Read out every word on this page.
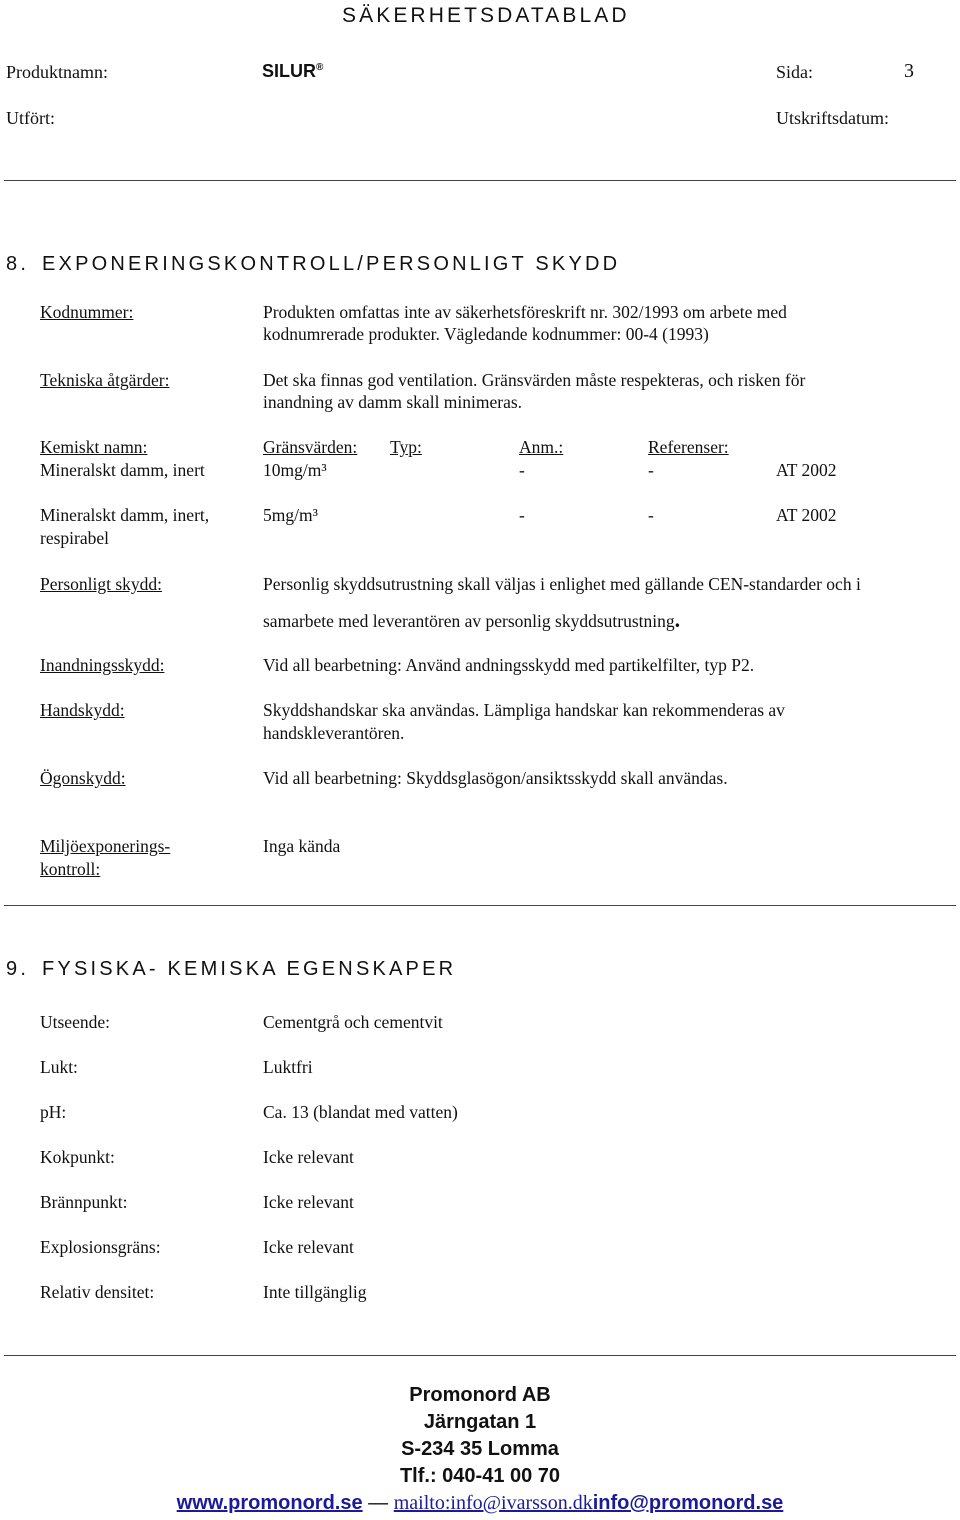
SÄKERHETSDATABLAD
Produktnamn:	SILUR®	Sida:	3
Utfört:	Utskriftsdatum:
8. EXPONERINGSKONTROLL/PERSONLIGT SKYDD
Kodnummer:	Produkten omfattas inte av säkerhetsföreskrift nr. 302/1993 om arbete med
kodnumrerade produkter. Vägledande kodnummer: 00-4 (1993)
Tekniska åtgärder:	Det ska finnas god ventilation. Gränsvärden måste respekteras, och risken för
inandning av damm skall minimeras.
Kemiskt namn:	Gränsvärden: Typ:	Anm.:	Referenser:
Mineralskt damm, inert	10mg/m³	-	-	AT 2002
Mineralskt damm, inert,
respirabel
5mg/m³	-	-	AT 2002
Personligt skydd:	Personlig skyddsutrustning skall väljas i enlighet med gällande CEN-standarder och i
samarbete med leverantören av personlig skyddsutrustning.
Inandningsskydd:	Vid all bearbetning: Använd andningsskydd med partikelfilter, typ P2.
Handskydd:	Skyddshandskar ska användas. Lämpliga handskar kan rekommenderas av
handskleverantören.
Ögonskydd:	Vid all bearbetning: Skyddsglasögon/ansiktsskydd skall användas.
Miljöexponerings-
kontroll:
Inga kända
9. FYSISKA- KEMISKA EGENSKAPER
Utseende:	Cementgrå och cementvit
Lukt:	Luktfri
pH:	Ca. 13 (blandat med vatten)
Kokpunkt:	Icke relevant
Brännpunkt:	Icke relevant
Explosionsgräns:	Icke relevant
Relativ densitet:	Inte tillgänglig
Promonord AB
Järngatan 1
S-234 35 Lomma
Tlf.: 040-41 00 70
www.promonord.se — mailto:info@ivarsson.dkinfo@promonord.se
